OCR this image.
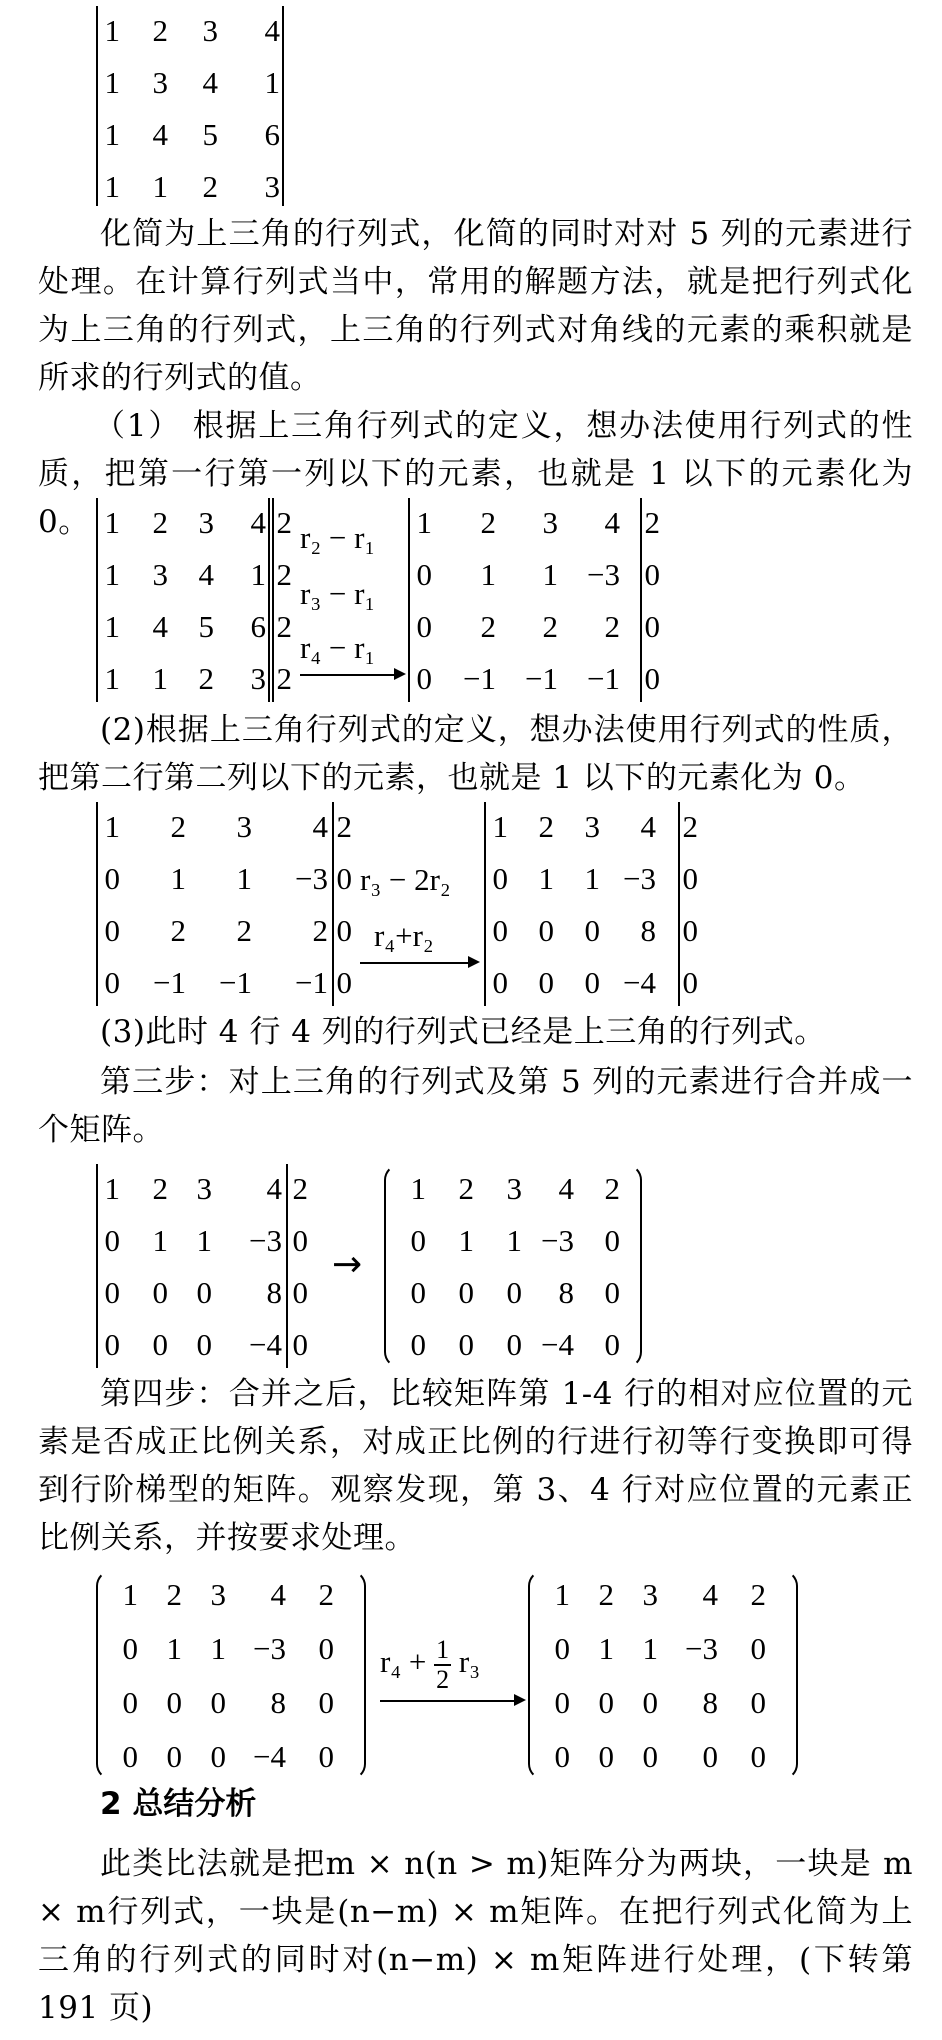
1	2	3	4
1	3	4	1
1	4	5	6
1	1	2	3
化简为上三角的行列式，化简的同时对对 5 列的元素进行处理。在计算行列式当中，常用的解题方法，就是把行列式化为上三角的行列式，上三角的行列式对角线的元素的乘积就是所求的行列式的值。
（1） 根据上三角行列式的定义，想办法使用行列式的性质，把第一行第一列以下的元素，也就是 1 以下的元素化为 0。 1	2 3	4 2
1	3 4	1 2
1	4 5	6 2
1	1 2	3 2
r₂ − r₁
r₃ − r₁
r₄ − r₁
1	2	3	4 2
0	1	1 −3 0
0	2	2	2 0
0	−1 −1 −1 0
(2)根据上三角行列式的定义，想办法使用行列式的性质，把第二行第二列以下的元素，也就是 1 以下的元素化为 0。
1	2	3	4 2
0	1	1	−3 0
0	2	2	2 0
0	−1	−1	−1 0
r₃ − 2r₂
r₄+r₂
1 2 3	4 2
0 1 1 −3 0
0 0 0	8 0
0 0 0 −4 0
(3)此时 4 行 4 列的行列式已经是上三角的行列式。
第三步：对上三角的行列式及第 5 列的元素进行合并成一个矩阵。
1	2 3	4 2
0	1 1	−3 0
0	0 0	8 0
0	0 0	−4 0
→
1	2	3	4 2
0	1	1 −3 0
0	0	0	8 0
0	0	0 −4 0
第四步：合并之后，比较矩阵第 1-4 行的相对应位置的元素是否成正比例关系，对成正比例的行进行初等行变换即可得到行阶梯型的矩阵。观察发现，第 3、4 行对应位置的元素正比例关系，并按要求处理。
1 2 3	4	2
0 1 1 −3	0
0 0 0	8	0
0 0 0 −4	0
$r_4 + \frac{1}{2} r_3$
1 2 3	4	2
0 1 1 −3	0
0 0 0	8	0
0 0 0	0	0
2 总结分析
此类比法就是把m × n(n > m)矩阵分为两块，一块是 m × m行列式，一块是(n−m) × m矩阵。在把行列式化简为上三角的行列式的同时对(n−m) × m矩阵进行处理，(下转第 191 页)
